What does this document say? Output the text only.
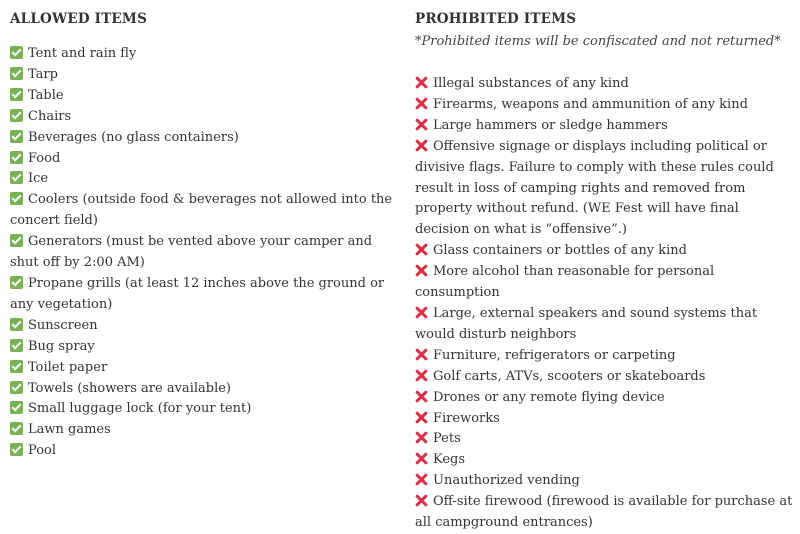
ALLOWED ITEMS
Tent and rain fly
Tarp
Table
Chairs
Beverages (no glass containers)
Food
Ice
Coolers (outside food & beverages not allowed into the concert field)
Generators (must be vented above your camper and shut off by 2:00 AM)
Propane grills (at least 12 inches above the ground or any vegetation)
Sunscreen
Bug spray
Toilet paper
Towels (showers are available)
Small luggage lock (for your tent)
Lawn games
Pool
PROHIBITED ITEMS
*Prohibited items will be confiscated and not returned*
Illegal substances of any kind
Firearms, weapons and ammunition of any kind
Large hammers or sledge hammers
Offensive signage or displays including political or divisive flags. Failure to comply with these rules could result in loss of camping rights and removed from property without refund. (WE Fest will have final decision on what is “offensive”.)
Glass containers or bottles of any kind
More alcohol than reasonable for personal consumption
Large, external speakers and sound systems that would disturb neighbors
Furniture, refrigerators or carpeting
Golf carts, ATVs, scooters or skateboards
Drones or any remote flying device
Fireworks
Pets
Kegs
Unauthorized vending
Off-site firewood (firewood is available for purchase at all campground entrances)
